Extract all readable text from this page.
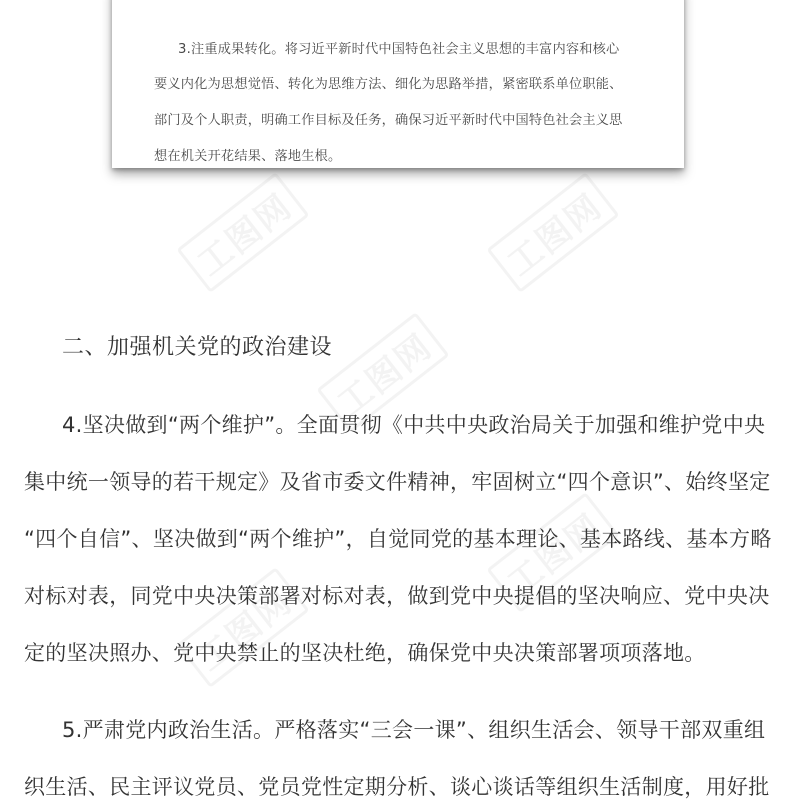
工图网	工图网
工图网
工图网
工图网
3.注重成果转化。将习近平新时代中国特色社会主义思想的丰富内容和核心
要义内化为思想觉悟、转化为思维方法、细化为思路举措，紧密联系单位职能、
部门及个人职责，明确工作目标及任务，确保习近平新时代中国特色社会主义思
想在机关开花结果、落地生根。
二、加强机关党的政治建设
4.坚决做到“两个维护”。全面贯彻《中共中央政治局关于加强和维护党中央
集中统一领导的若干规定》及省市委文件精神，牢固树立“四个意识”、始终坚定
“四个自信”、坚决做到“两个维护”，自觉同党的基本理论、基本路线、基本方略
对标对表，同党中央决策部署对标对表，做到党中央提倡的坚决响应、党中央决
定的坚决照办、党中央禁止的坚决杜绝，确保党中央决策部署项项落地。
5.严肃党内政治生活。严格落实“三会一课”、组织生活会、领导干部双重组
织生活、民主评议党员、党员党性定期分析、谈心谈话等组织生活制度，用好批
